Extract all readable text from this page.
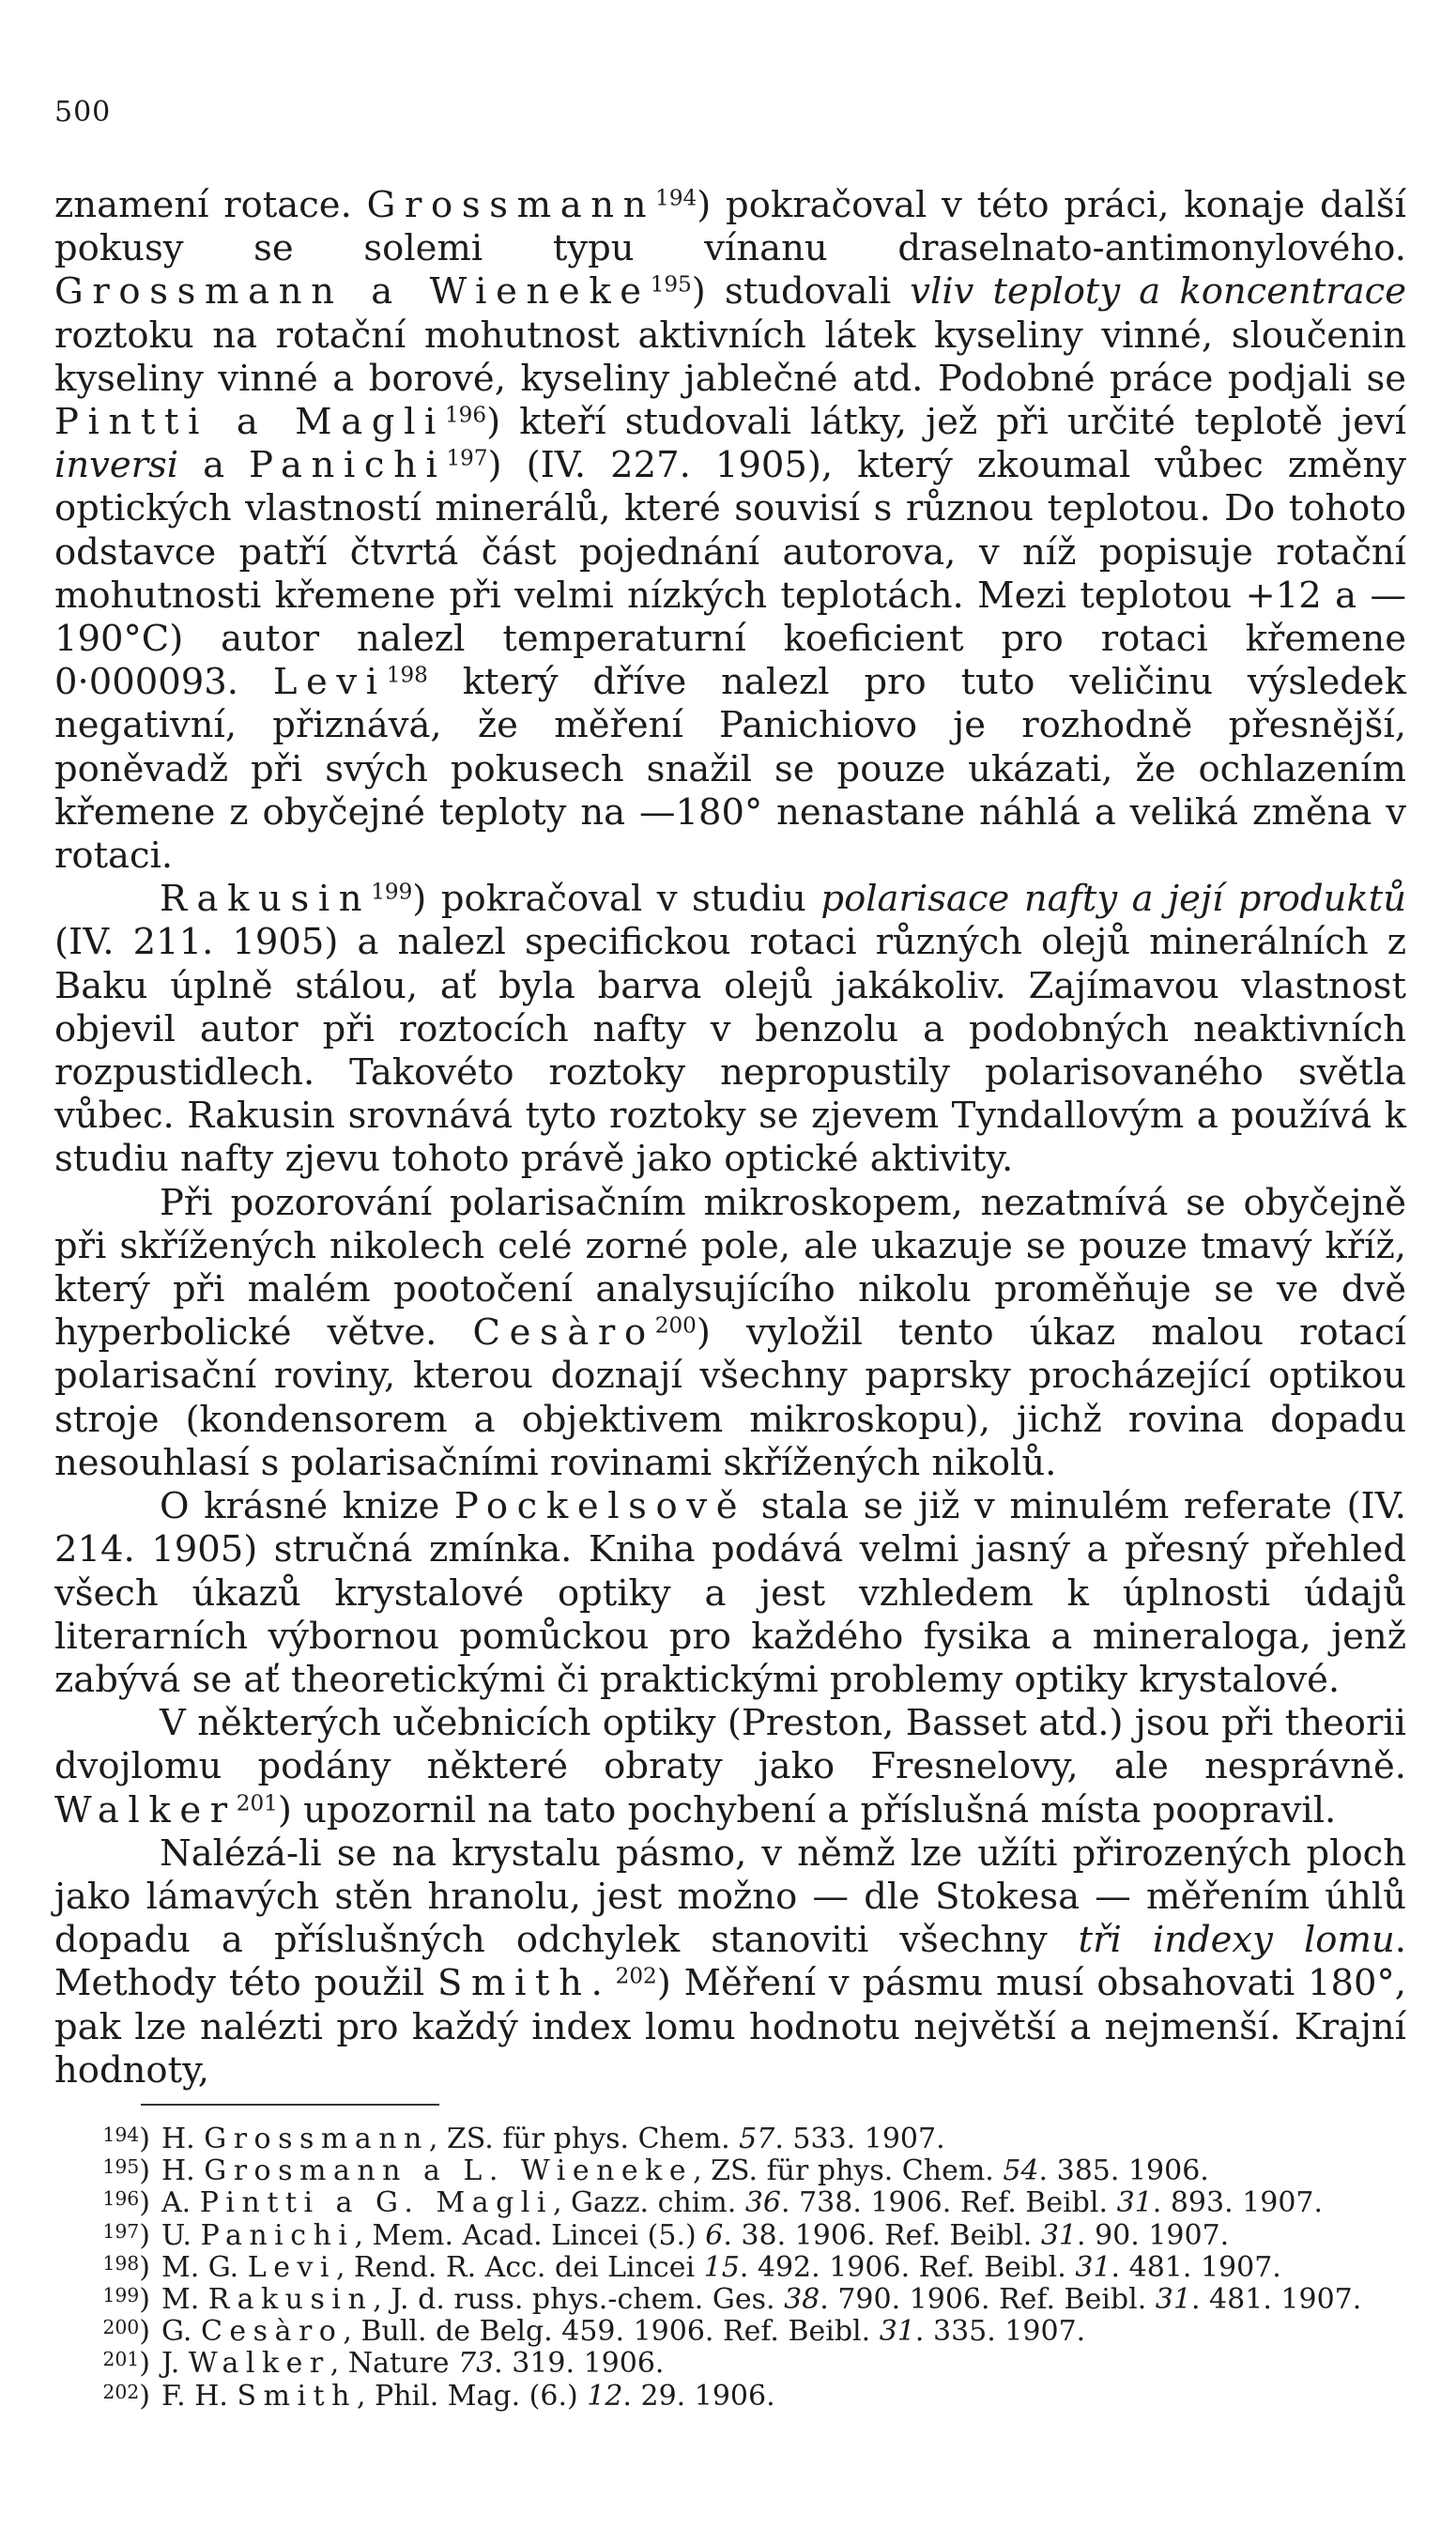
500

znamení rotace. Grossmann$^{194}$) pokračoval v této práci, konaje další pokusy se solemi typu vínanu draselnato-antimonylového. Grossmann a Wieneke$^{195}$) studovali vliv teploty a koncentrace roztoku na rotační mohutnost aktivních látek kyseliny vinné, sloučenin kyseliny vinné a borové, kyseliny jablečné atd. Podobné práce podjali se Pintti a Magli$^{196}$) kteří studovali látky, jež při určité teplotě jeví inversi a Panichi$^{197}$) (IV. 227. 1905), který zkoumal vůbec změny optických vlastností minerálů, které souvisí s různou teplotou. Do tohoto odstavce patří čtvrtá část pojednání autorova, v níž popisuje rotační mohutnosti křemene při velmi nízkých teplotách. Mezi teplotou +12 a —190°C) autor nalezl temperaturní koeficient pro rotaci křemene 0·000093. Levi$^{198}$ který dříve nalezl pro tuto veličinu výsledek negativní, přiznává, že měření Panichiovo je rozhodně přesnější, poněvadž při svých pokusech snažil se pouze ukázati, že ochlazením křemene z obyčejné teploty na —180° nenastane náhlá a veliká změna v rotaci.

Rakusin$^{199}$) pokračoval v studiu polarisace nafty a její produktů (IV. 211. 1905) a nalezl specifickou rotaci různých olejů minerálních z Baku úplně stálou, ať byla barva olejů jakákoliv. Zajímavou vlastnost objevil autor při roztocích nafty v benzolu a podobných neaktivních rozpustidlech. Takovéto roztoky nepropustily polarisovaného světla vůbec. Rakusin srovnává tyto roztoky se zjevem Tyndallovým a používá k studiu nafty zjevu tohoto právě jako optické aktivity.

Při pozorování polarisačním mikroskopem, nezatmívá se obyčejně při skřížených nikolech celé zorné pole, ale ukazuje se pouze tmavý kříž, který při malém pootočení analysujícího nikolu proměňuje se ve dvě hyperbolické větve. Cesàro$^{200}$) vyložil tento úkaz malou rotací polarisační roviny, kterou doznají všechny paprsky procházející optikou stroje (kondensorem a objektivem mikroskopu), jichž rovina dopadu nesouhlasí s polarisačními rovinami skřížených nikolů.

O krásné knize Pockelsově stala se již v minulém referate (IV. 214. 1905) stručná zmínka. Kniha podává velmi jasný a přesný přehled všech úkazů krystalové optiky a jest vzhledem k úplnosti údajů literarních výbornou pomůckou pro každého fysika a mineraloga, jenž zabývá se ať theoretickými či praktickými problemy optiky krystalové.

V některých učebnicích optiky (Preston, Basset atd.) jsou při theorii dvojlomu podány některé obraty jako Fresnelovy, ale nesprávně. Walker$^{201}$) upozornil na tato pochybení a příslušná místa poopravil.

Nalézá-li se na krystalu pásmo, v němž lze užíti přirozených ploch jako lámavých stěn hranolu, jest možno — dle Stokesa — měřením úhlů dopadu a příslušných odchylek stanoviti všechny tři indexy lomu. Methody této použil Smith. $^{202}$) Měření v pásmu musí obsahovati 180°, pak lze nalézti pro každý index lomu hodnotu největší a nejmenší. Krajní hodnoty,

$^{194}$) H. Grossmann, ZS. für phys. Chem. 57. 533. 1907.
$^{195}$) H. Grosmann a L. Wieneke, ZS. für phys. Chem. 54. 385. 1906.
$^{196}$) A. Pintti a G. Magli, Gazz. chim. 36. 738. 1906. Ref. Beibl. 31. 893. 1907.
$^{197}$) U. Panichi, Mem. Acad. Lincei (5.) 6. 38. 1906. Ref. Beibl. 31. 90. 1907.
$^{198}$) M. G. Levi, Rend. R. Acc. dei Lincei 15. 492. 1906. Ref. Beibl. 31. 481. 1907.
$^{199}$) M. Rakusin, J. d. russ. phys.-chem. Ges. 38. 790. 1906. Ref. Beibl. 31. 481. 1907.
$^{200}$) G. Cesàro, Bull. de Belg. 459. 1906. Ref. Beibl. 31. 335. 1907.
$^{201}$) J. Walker, Nature 73. 319. 1906.
$^{202}$) F. H. Smith, Phil. Mag. (6.) 12. 29. 1906.
